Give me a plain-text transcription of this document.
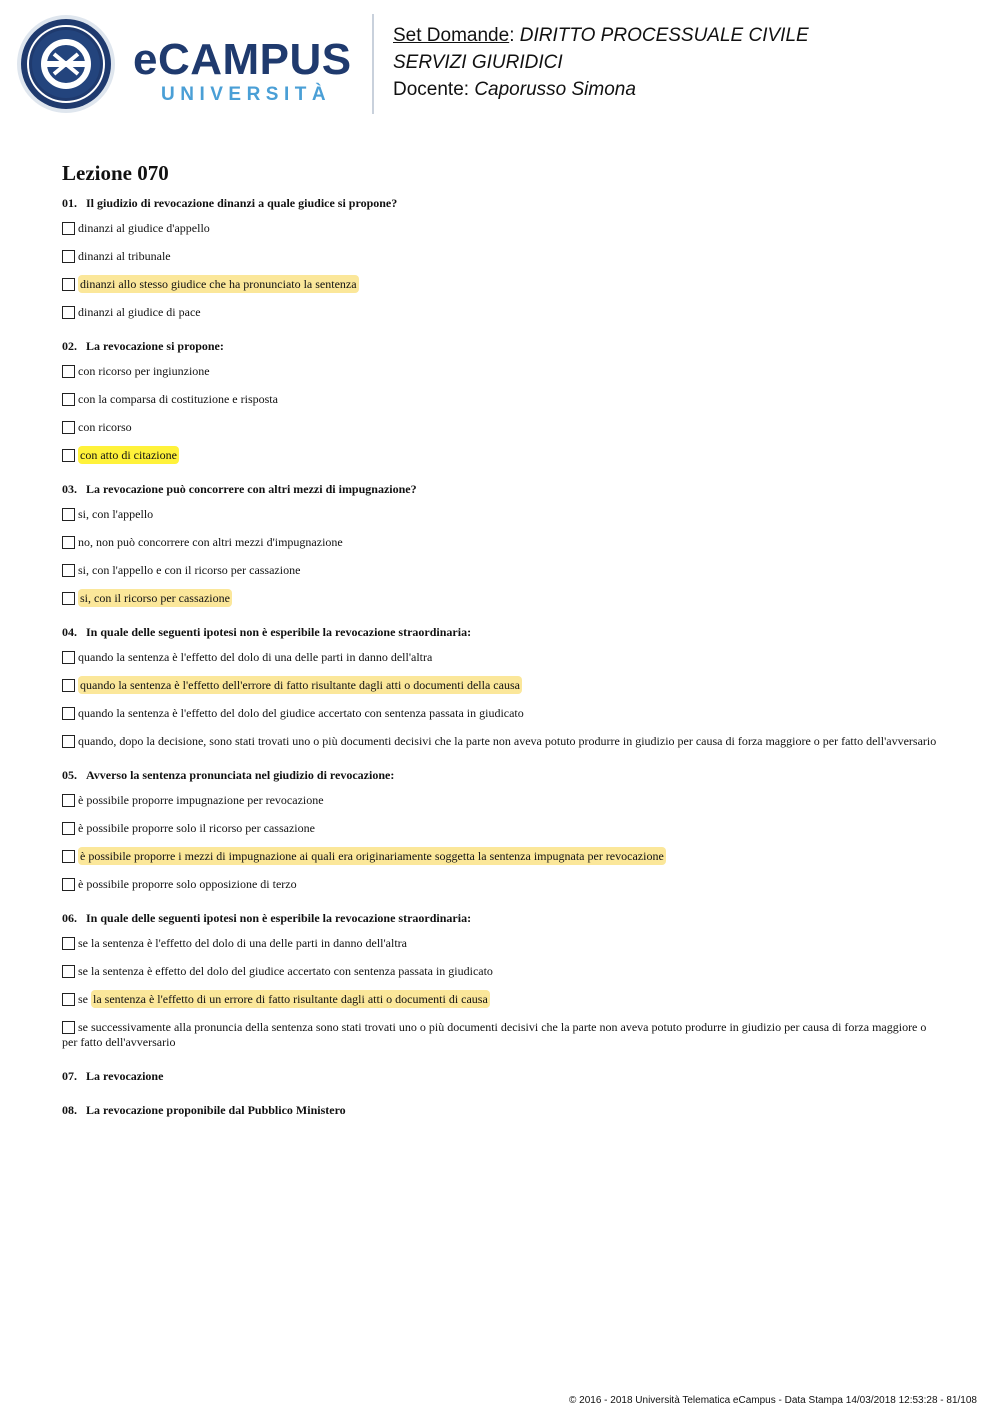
eCAMPUS
UNIVERSITÀ
Set Domande: DIRITTO PROCESSUALE CIVILE
SERVIZI GIURIDICI
Docente: Caporusso Simona
Lezione 070
01. Il giudizio di revocazione dinanzi a quale giudice si propone?
dinanzi al giudice d'appello
dinanzi al tribunale
dinanzi allo stesso giudice che ha pronunciato la sentenza
dinanzi al giudice di pace
02. La revocazione si propone:
con ricorso per ingiunzione
con la comparsa di costituzione e risposta
con ricorso
con atto di citazione
03. La revocazione può concorrere con altri mezzi di impugnazione?
si, con l'appello
no, non può concorrere con altri mezzi d'impugnazione
si, con l'appello e con il ricorso per cassazione
si, con il ricorso per cassazione
04. In quale delle seguenti ipotesi non è esperibile la revocazione straordinaria:
quando la sentenza è l'effetto del dolo di una delle parti in danno dell'altra
quando la sentenza è l'effetto dell'errore di fatto risultante dagli atti o documenti della causa
quando la sentenza è l'effetto del dolo del giudice accertato con sentenza passata in giudicato
quando, dopo la decisione, sono stati trovati uno o più documenti decisivi che la parte non aveva potuto produrre in giudizio per causa di forza maggiore o per fatto dell'avversario
05. Avverso la sentenza pronunciata nel giudizio di revocazione:
è possibile proporre impugnazione per revocazione
è possibile proporre solo il ricorso per cassazione
è possibile proporre i mezzi di impugnazione ai quali era originariamente soggetta la sentenza impugnata per revocazione
è possibile proporre solo opposizione di terzo
06. In quale delle seguenti ipotesi non è esperibile la revocazione straordinaria:
se la sentenza è l'effetto del dolo di una delle parti in danno dell'altra
se la sentenza è effetto del dolo del giudice accertato con sentenza passata in giudicato
se la sentenza è l'effetto di un errore di fatto risultante dagli atti o documenti di causa
se successivamente alla pronuncia della sentenza sono stati trovati uno o più documenti decisivi che la parte non aveva potuto produrre in giudizio per causa di forza maggiore o per fatto dell'avversario
07. La revocazione
08. La revocazione proponibile dal Pubblico Ministero
© 2016 - 2018 Università Telematica eCampus - Data Stampa 14/03/2018 12:53:28 - 81/108
